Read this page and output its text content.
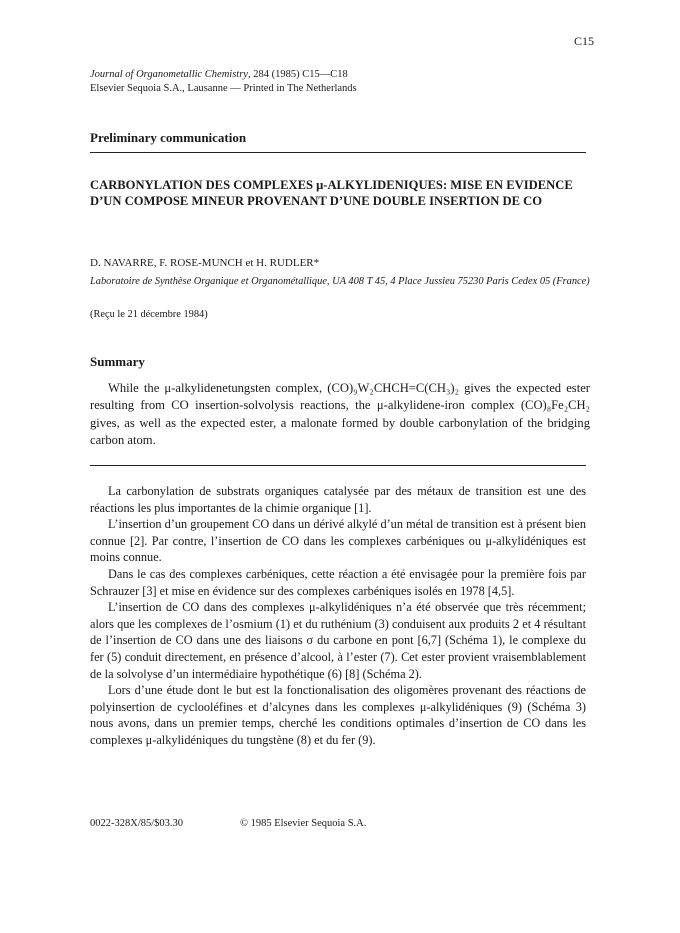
C15
Journal of Organometallic Chemistry, 284 (1985) C15—C18
Elsevier Sequoia S.A., Lausanne — Printed in The Netherlands
Preliminary communication
CARBONYLATION DES COMPLEXES μ-ALKYLIDENIQUES: MISE EN EVIDENCE D’UN COMPOSE MINEUR PROVENANT D’UNE DOUBLE INSERTION DE CO
D. NAVARRE, F. ROSE-MUNCH et H. RUDLER*
Laboratoire de Synthèse Organique et Organométallique, UA 408 T 45, 4 Place Jussieu 75230 Paris Cedex 05 (France)
(Reçu le 21 décembre 1984)
Summary

While the μ-alkylidenetungsten complex, (CO)₉W₂CHCH=C(CH₃)₂ gives the expected ester resulting from CO insertion-solvolysis reactions, the μ-alkylidene-iron complex (CO)₈Fe₂CH₂ gives, as well as the expected ester, a malonate formed by double carbonylation of the bridging carbon atom.

La carbonylation de substrats organiques catalysée par des métaux de transition est une des réactions les plus importantes de la chimie organique [1].

L’insertion d’un groupement CO dans un dérivé alkylé d’un métal de transition est à présent bien connue [2]. Par contre, l’insertion de CO dans les complexes carbéniques ou μ-alkylidéniques est moins connue.

Dans le cas des complexes carbéniques, cette réaction a été envisagée pour la première fois par Schrauzer [3] et mise en évidence sur des complexes carbéniques isolés en 1978 [4,5].

L’insertion de CO dans des complexes μ-alkylidéniques n’a été observée que très récemment; alors que les complexes de l’osmium (1) et du ruthénium (3) conduisent aux produits 2 et 4 résultant de l’insertion de CO dans une des liaisons σ du carbone en pont [6,7] (Schéma 1), le complexe du fer (5) conduit directement, en présence d’alcool, à l’ester (7). Cet ester provient vraisemblablement de la solvolyse d’un intermédiaire hypothétique (6) [8] (Schéma 2).

Lors d’une étude dont le but est la fonctionalisation des oligomères provenant des réactions de polyinsertion de cyclooléfines et d’alcynes dans les complexes μ-alkylidéniques (9) (Schéma 3) nous avons, dans un premier temps, cherché les conditions optimales d’insertion de CO dans les complexes μ-alkylidéniques du tungstène (8) et du fer (9).

0022-328X/85/$03.30	© 1985 Elsevier Sequoia S.A.
